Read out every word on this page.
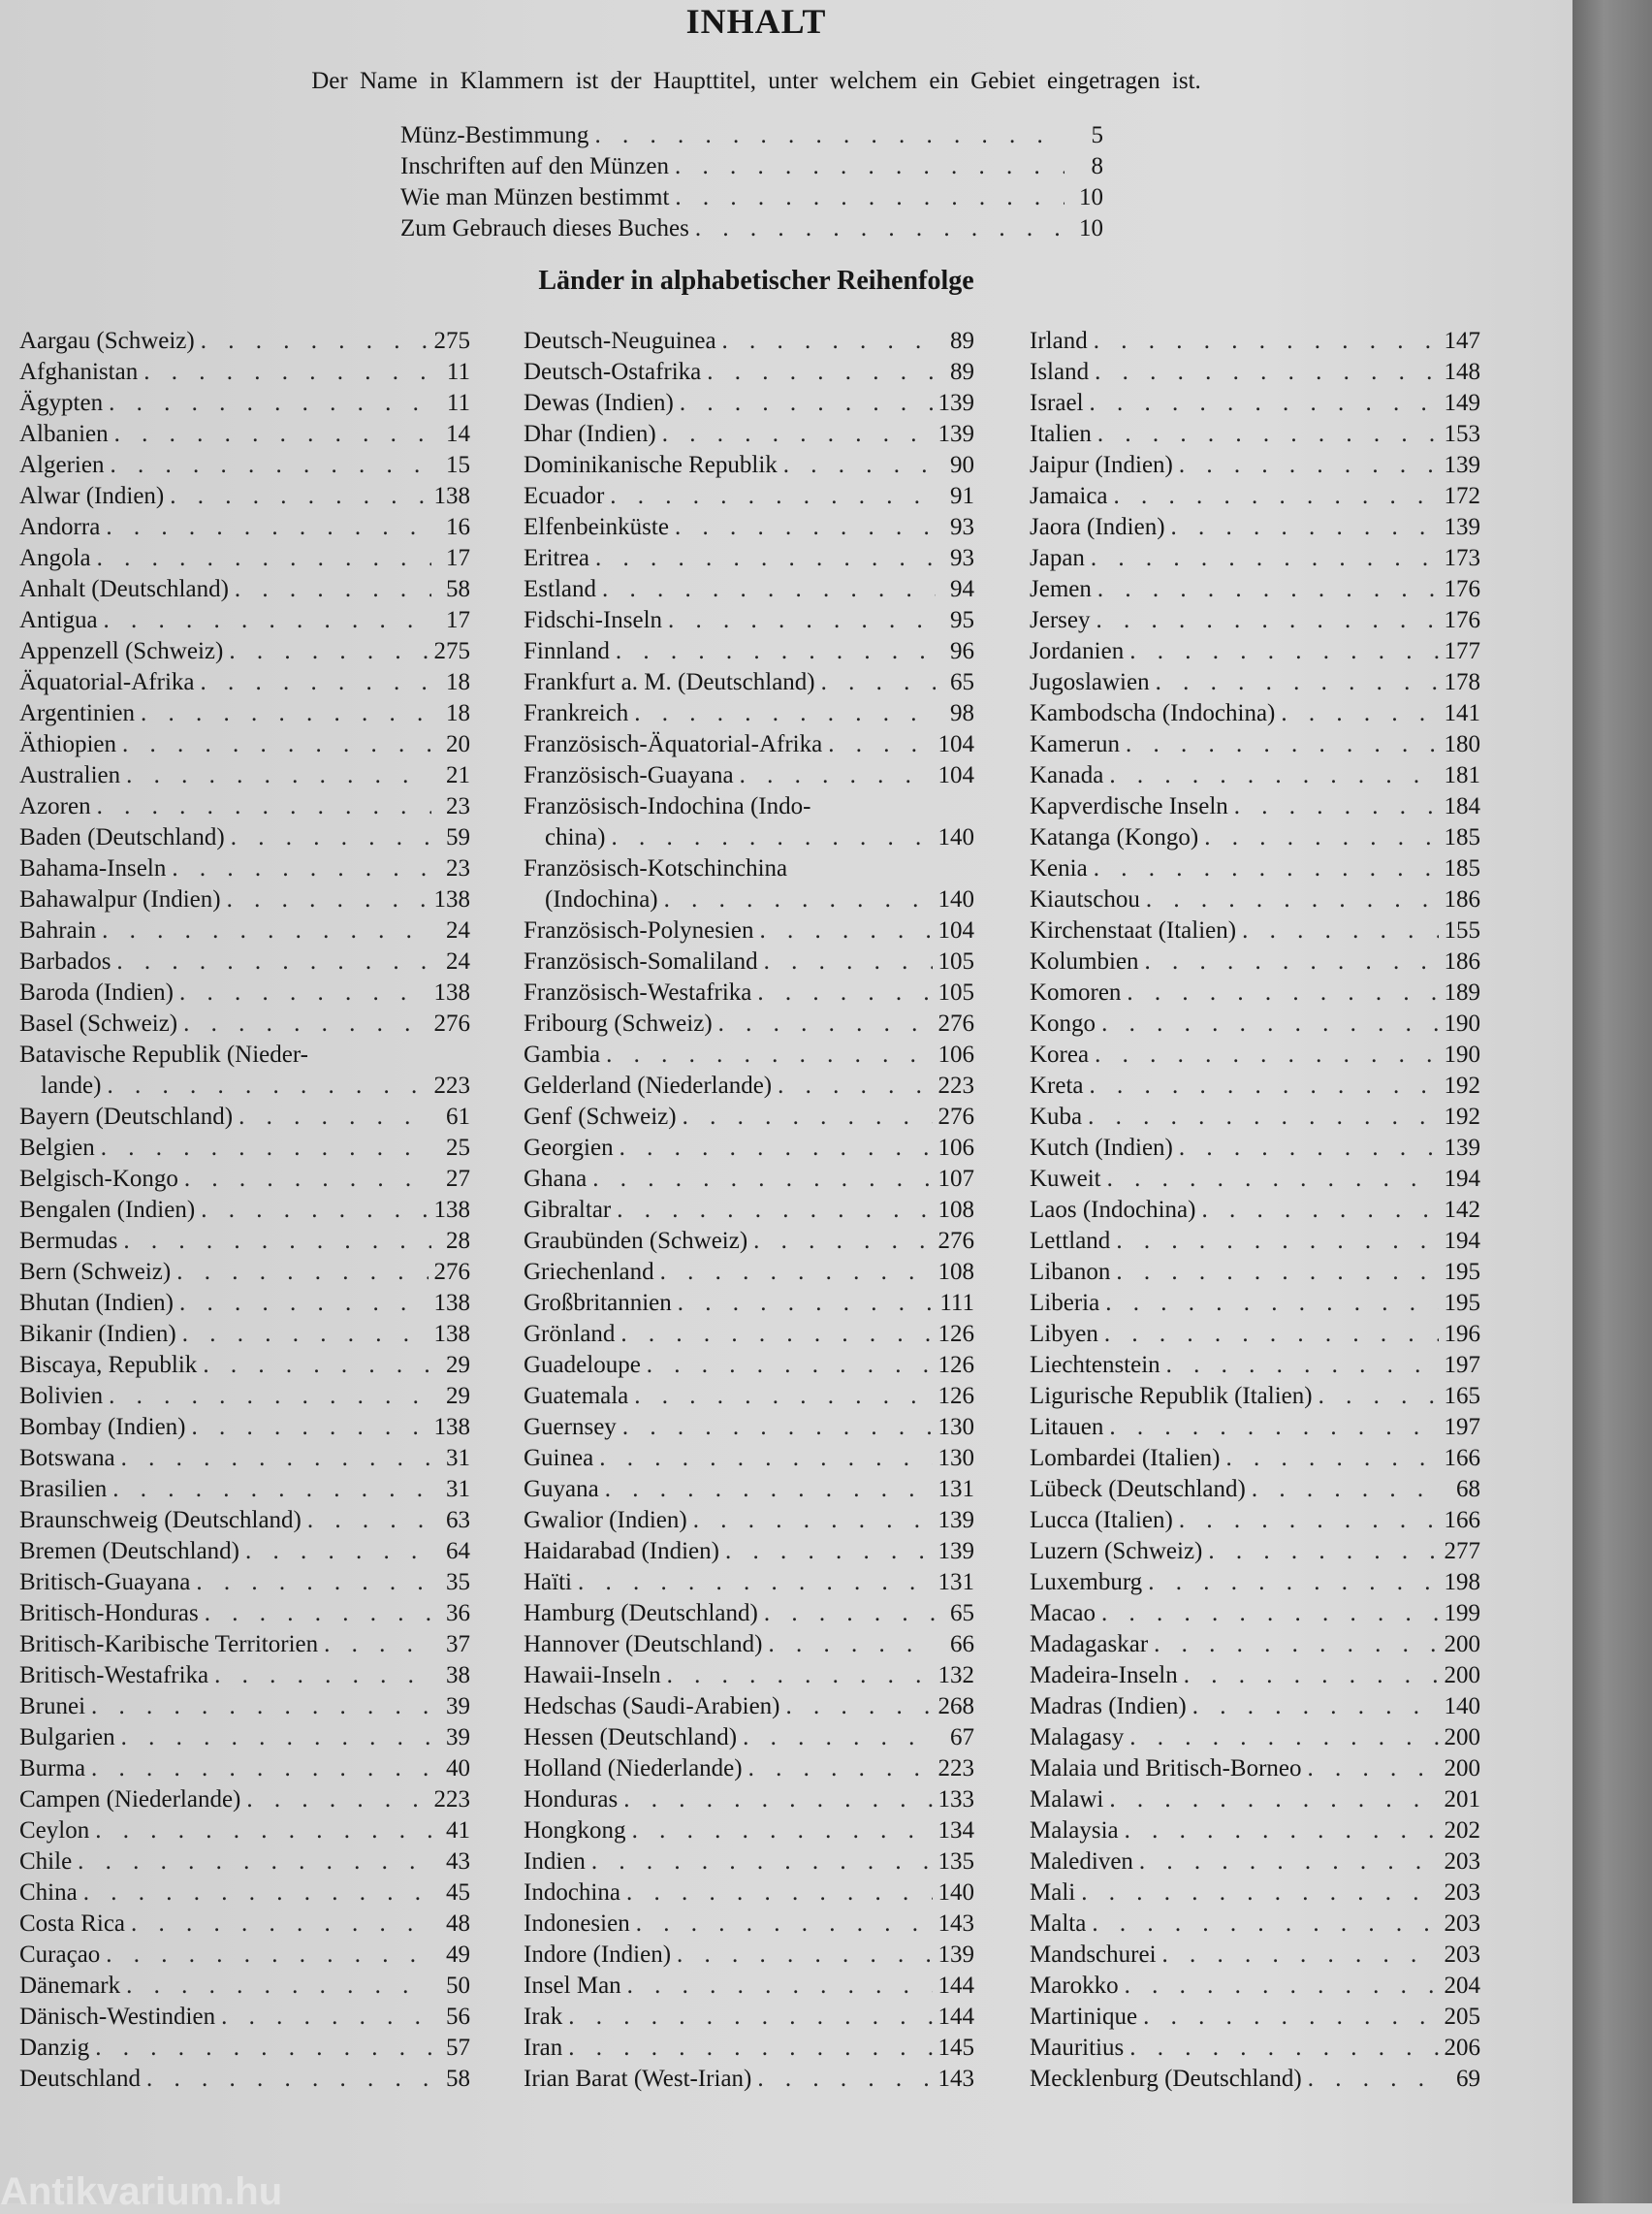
INHALT
Der Name in Klammern ist der Haupttitel, unter welchem ein Gebiet eingetragen ist.
Münz-Bestimmung . . .	5
Inschriften auf den Münzen . . .	8
Wie man Münzen bestimmt . . .	10
Zum Gebrauch dieses Buches . . .	10
Länder in alphabetischer Reihenfolge
Aargau (Schweiz) . . .	275
Afghanistan . . .	11
Ägypten . . .	11
Albanien . . .	14
Algerien . . .	15
Alwar (Indien) . . .	138
Andorra . . .	16
Angola . . .	17
Anhalt (Deutschland) . . .	58
Antigua . . .	17
Appenzell (Schweiz) . . .	275
Äquatorial-Afrika . . .	18
Argentinien . . .	18
Äthiopien . . .	20
Australien . . .	21
Azoren . . .	23
Baden (Deutschland) . . .	59
Bahama-Inseln . . .	23
Bahawalpur (Indien) . . .	138
Bahrain . . .	24
Barbados . . .	24
Baroda (Indien) . . .	138
Basel (Schweiz) . . .	276
Batavische Republik (Nieder-
lande) . . .	223
Bayern (Deutschland) . . .	61
Belgien . . .	25
Belgisch-Kongo . . .	27
Bengalen (Indien) . . .	138
Bermudas . . .	28
Bern (Schweiz) . . .	276
Bhutan (Indien) . . .	138
Bikanir (Indien) . . .	138
Biscaya, Republik . . .	29
Bolivien . . .	29
Bombay (Indien) . . .	138
Botswana . . .	31
Brasilien . . .	31
Braunschweig (Deutschland) . . .	63
Bremen (Deutschland) . . .	64
Britisch-Guayana . . .	35
Britisch-Honduras . . .	36
Britisch-Karibische Territorien . . .	37
Britisch-Westafrika . . .	38
Brunei . . .	39
Bulgarien . . .	39
Burma . . .	40
Campen (Niederlande) . . .	223
Ceylon . . .	41
Chile . . .	43
China . . .	45
Costa Rica . . .	48
Curaçao . . .	49
Dänemark . . .	50
Dänisch-Westindien . . .	56
Danzig . . .	57
Deutschland . . .	58
Deutsch-Neuguinea . . .	89
Deutsch-Ostafrika . . .	89
Dewas (Indien) . . .	139
Dhar (Indien) . . .	139
Dominikanische Republik . . .	90
Ecuador . . .	91
Elfenbeinküste . . .	93
Eritrea . . .	93
Estland . . .	94
Fidschi-Inseln . . .	95
Finnland . . .	96
Frankfurt a. M. (Deutschland) . . .	65
Frankreich . . .	98
Französisch-Äquatorial-Afrika . . .	104
Französisch-Guayana . . .	104
Französisch-Indochina (Indo-
china) . . .	140
Französisch-Kotschinchina
(Indochina) . . .	140
Französisch-Polynesien . . .	104
Französisch-Somaliland . . .	105
Französisch-Westafrika . . .	105
Fribourg (Schweiz) . . .	276
Gambia . . .	106
Gelderland (Niederlande) . . .	223
Genf (Schweiz) . . .	276
Georgien . . .	106
Ghana . . .	107
Gibraltar . . .	108
Graubünden (Schweiz) . . .	276
Griechenland . . .	108
Großbritannien . . .	111
Grönland . . .	126
Guadeloupe . . .	126
Guatemala . . .	126
Guernsey . . .	130
Guinea . . .	130
Guyana . . .	131
Gwalior (Indien) . . .	139
Haidarabad (Indien) . . .	139
Haïti . . .	131
Hamburg (Deutschland) . . .	65
Hannover (Deutschland) . . .	66
Hawaii-Inseln . . .	132
Hedschas (Saudi-Arabien) . . .	268
Hessen (Deutschland) . . .	67
Holland (Niederlande) . . .	223
Honduras . . .	133
Hongkong . . .	134
Indien . . .	135
Indochina . . .	140
Indonesien . . .	143
Indore (Indien) . . .	139
Insel Man . . .	144
Irak . . .	144
Iran . . .	145
Irian Barat (West-Irian) . . .	143
Irland . . .	147
Island . . .	148
Israel . . .	149
Italien . . .	153
Jaipur (Indien) . . .	139
Jamaica . . .	172
Jaora (Indien) . . .	139
Japan . . .	173
Jemen . . .	176
Jersey . . .	176
Jordanien . . .	177
Jugoslawien . . .	178
Kambodscha (Indochina) . . .	141
Kamerun . . .	180
Kanada . . .	181
Kapverdische Inseln . . .	184
Katanga (Kongo) . . .	185
Kenia . . .	185
Kiautschou . . .	186
Kirchenstaat (Italien) . . .	155
Kolumbien . . .	186
Komoren . . .	189
Kongo . . .	190
Korea . . .	190
Kreta . . .	192
Kuba . . .	192
Kutch (Indien) . . .	139
Kuweit . . .	194
Laos (Indochina) . . .	142
Lettland . . .	194
Libanon . . .	195
Liberia . . .	195
Libyen . . .	196
Liechtenstein . . .	197
Ligurische Republik (Italien) . . .	165
Litauen . . .	197
Lombardei (Italien) . . .	166
Lübeck (Deutschland) . . .	68
Lucca (Italien) . . .	166
Luzern (Schweiz) . . .	277
Luxemburg . . .	198
Macao . . .	199
Madagaskar . . .	200
Madeira-Inseln . . .	200
Madras (Indien) . . .	140
Malagasy . . .	200
Malaia und Britisch-Borneo . . .	200
Malawi . . .	201
Malaysia . . .	202
Malediven . . .	203
Mali . . .	203
Malta . . .	203
Mandschurei . . .	203
Marokko . . .	204
Martinique . . .	205
Mauritius . . .	206
Mecklenburg (Deutschland) . . .	69
Antikvarium.hu
